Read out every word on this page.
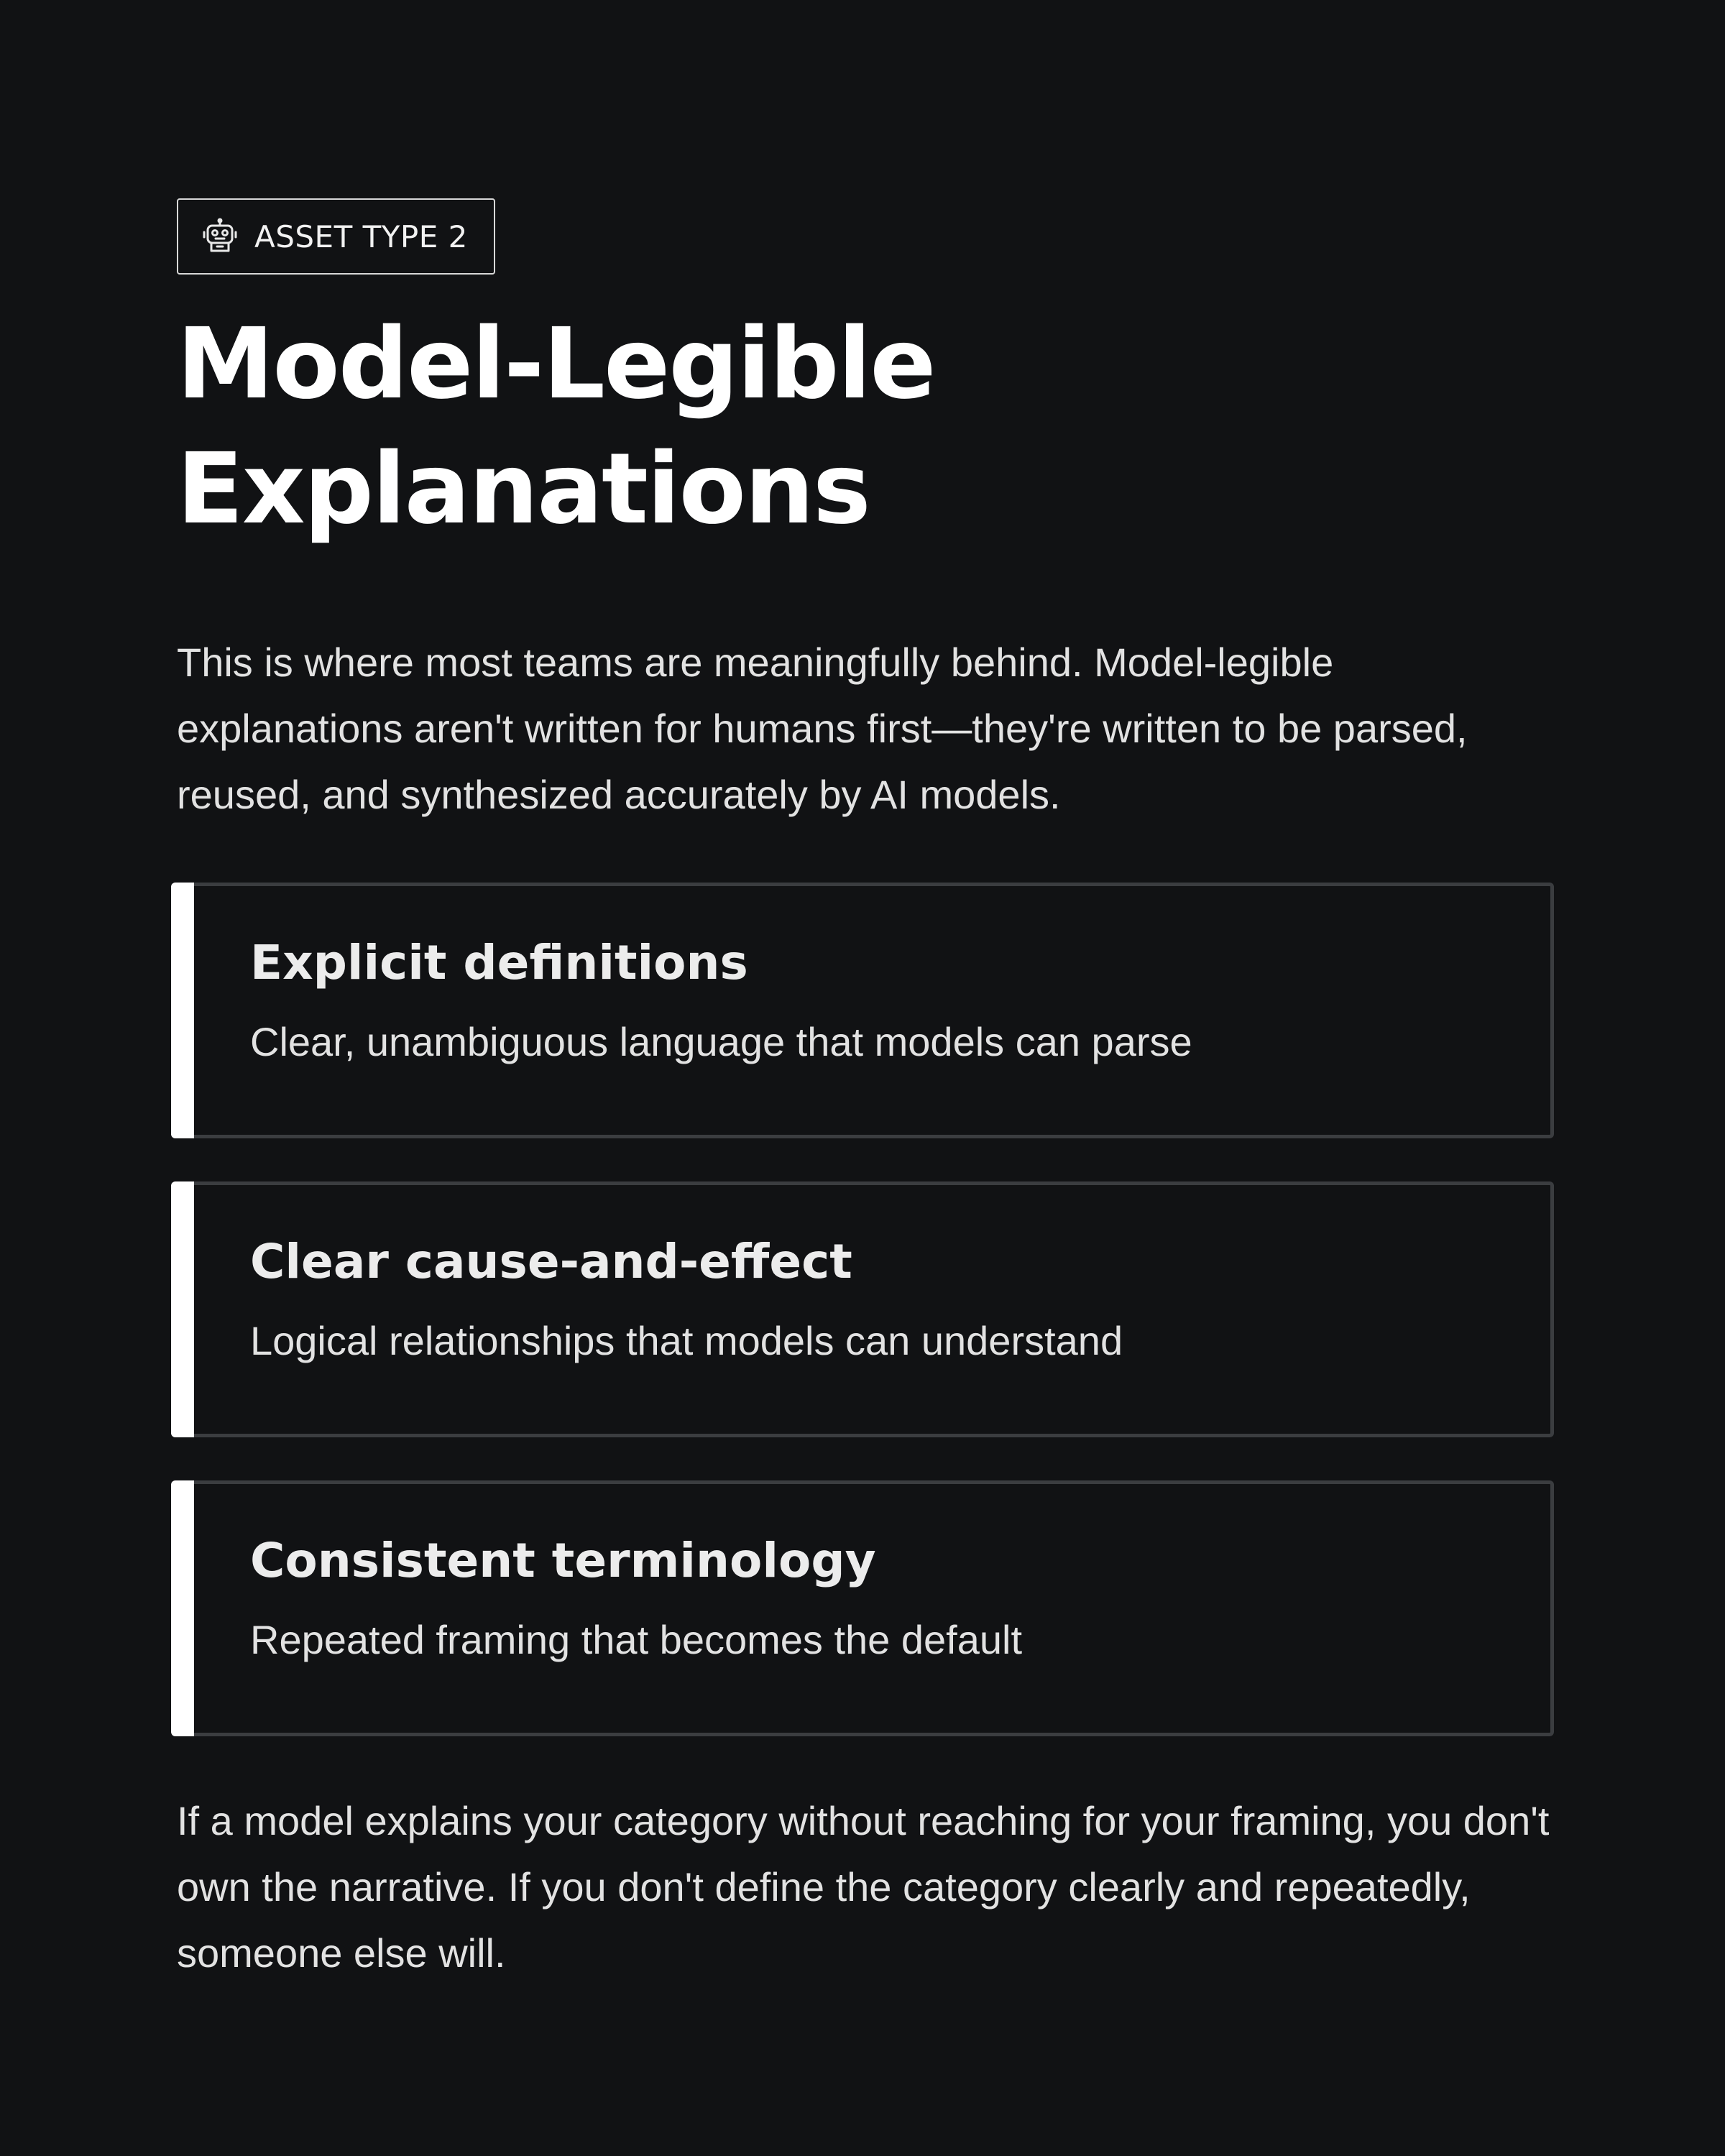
ASSET TYPE 2
Model-Legible
Explanations

This is where most teams are meaningfully behind. Model-legible explanations aren't written for humans first—they're written to be parsed, reused, and synthesized accurately by AI models.

Explicit definitions
Clear, unambiguous language that models can parse
Clear cause-and-effect
Logical relationships that models can understand
Consistent terminology
Repeated framing that becomes the default

If a model explains your category without reaching for your framing, you don't own the narrative. If you don't define the category clearly and repeatedly, someone else will.
